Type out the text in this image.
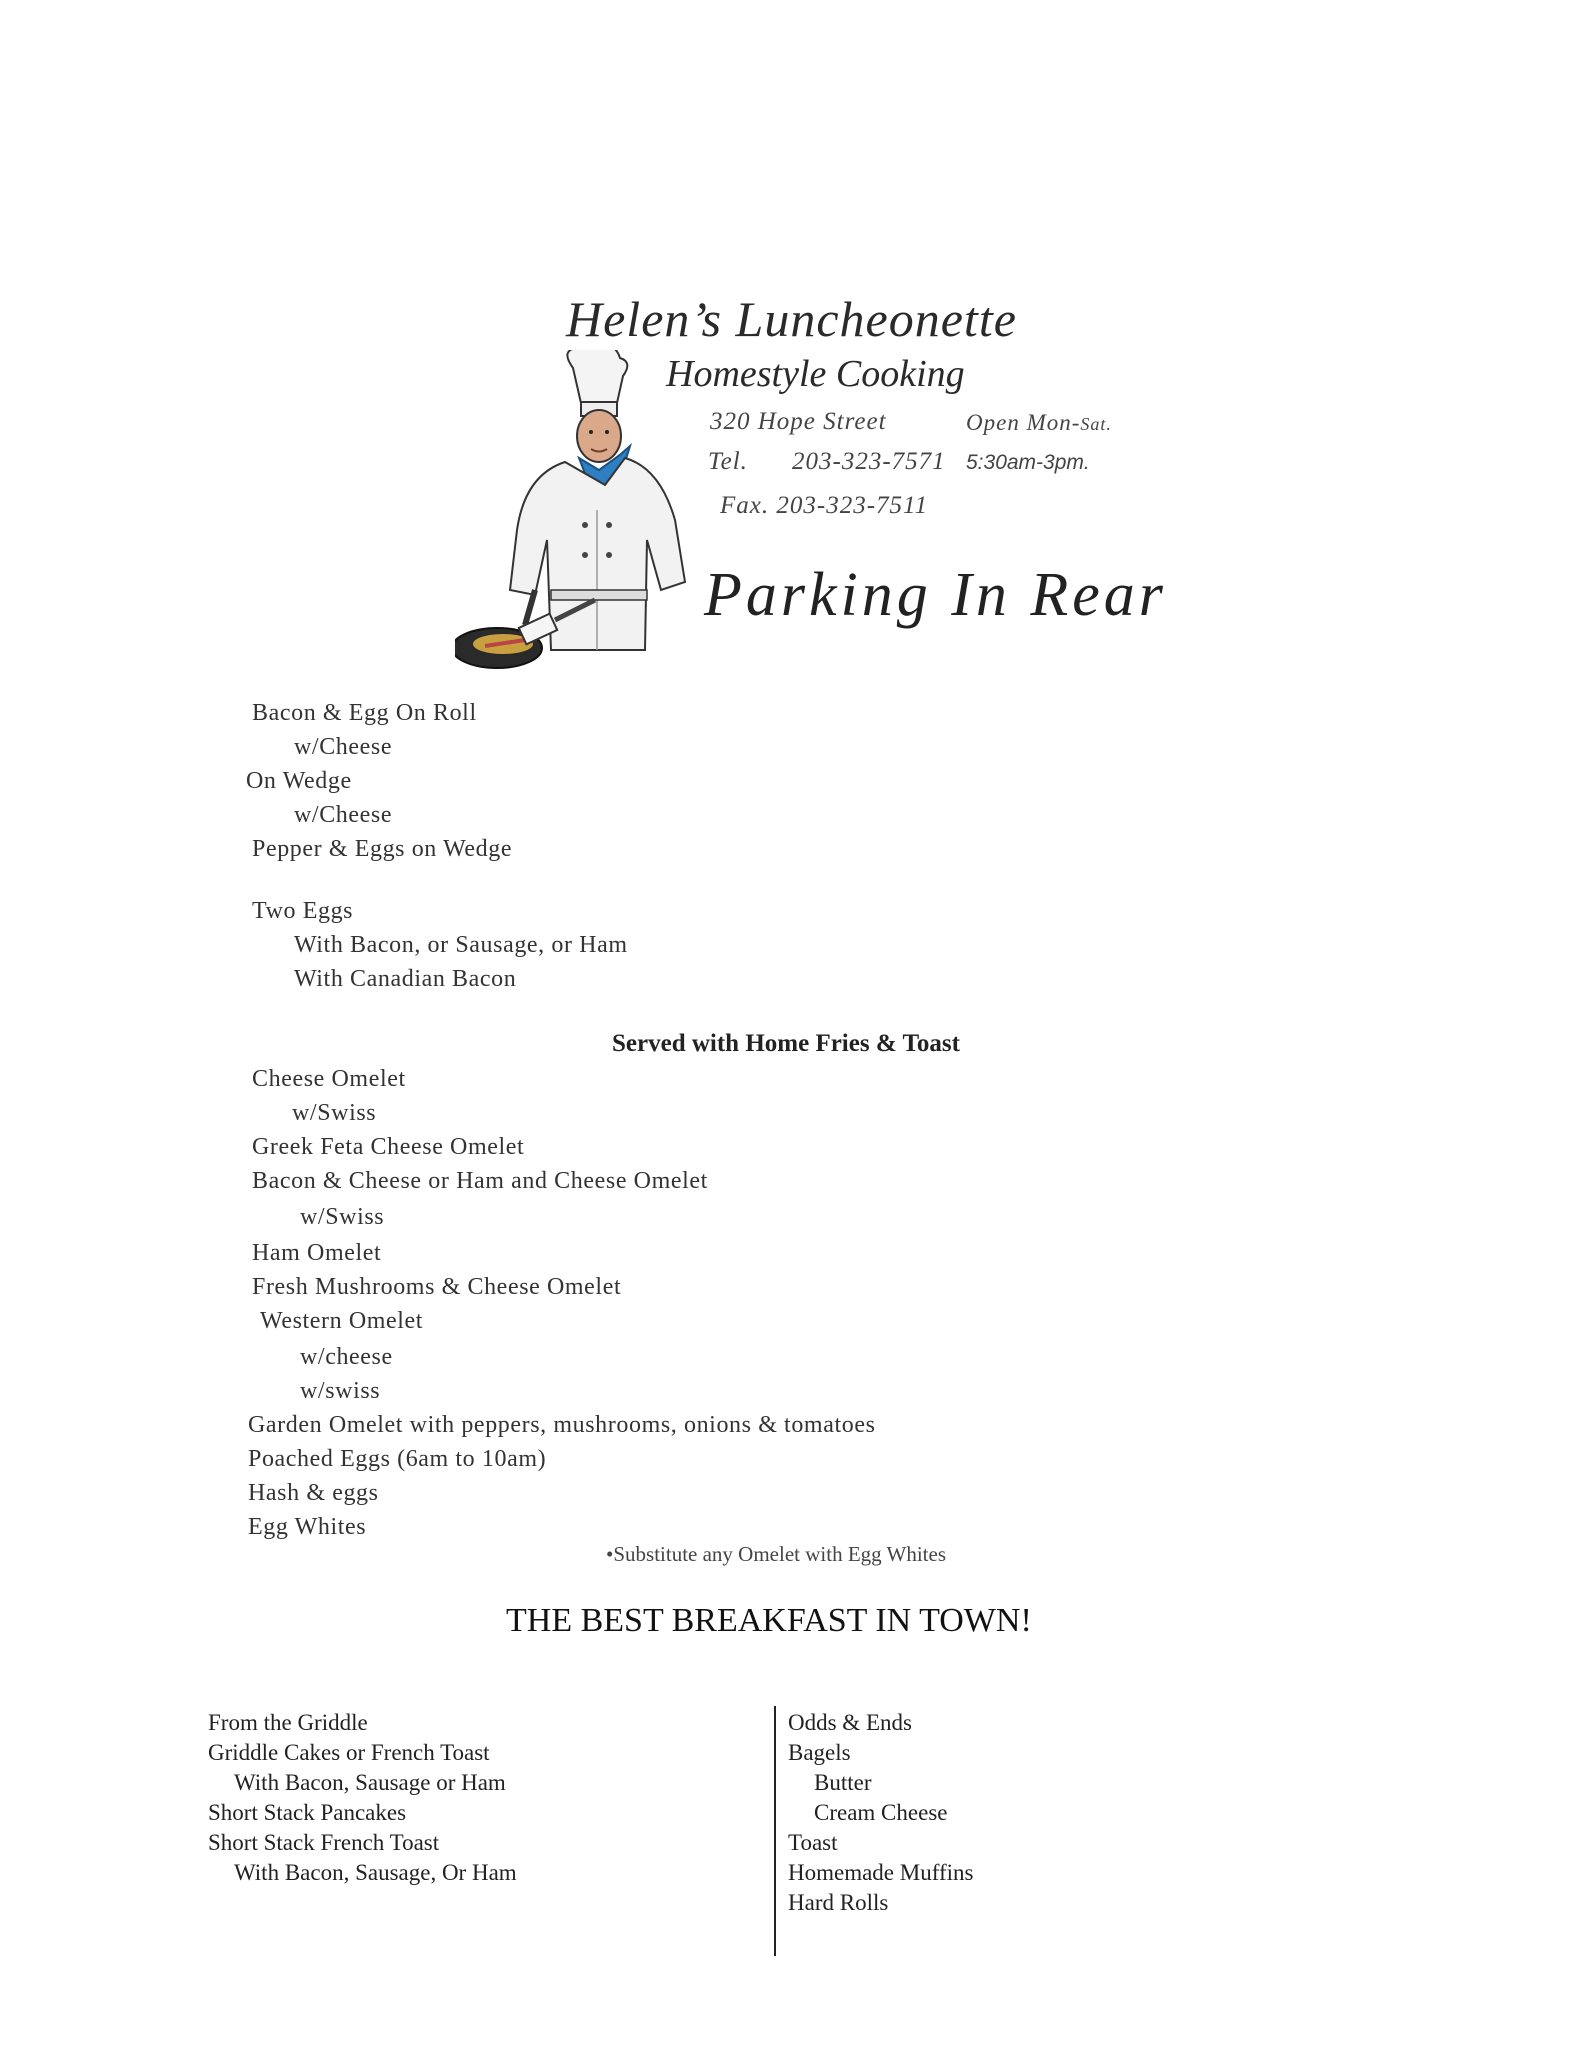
Helen’s Luncheonette
Homestyle Cooking
320 Hope Street	Open Mon-Sat.
Tel. 203-323-7571 5:30am-3pm.
Fax. 203-323-7511
Parking In Rear
Bacon & Egg On Roll
w/Cheese
On Wedge
w/Cheese
Pepper & Eggs on Wedge
Two Eggs
With Bacon, or Sausage, or Ham
With Canadian Bacon
Served with Home Fries & Toast
Cheese Omelet
w/Swiss
Greek Feta Cheese Omelet
Bacon & Cheese or Ham and Cheese Omelet
w/Swiss
Ham Omelet
Fresh Mushrooms & Cheese Omelet
Western Omelet
w/cheese
w/swiss
Garden Omelet with peppers, mushrooms, onions & tomatoes
Poached Eggs (6am to 10am)
Hash & eggs
Egg Whites
•Substitute any Omelet with Egg Whites
THE BEST BREAKFAST IN TOWN!
From the Griddle
Griddle Cakes or French Toast
With Bacon, Sausage or Ham
Short Stack Pancakes
Short Stack French Toast
With Bacon, Sausage, Or Ham
Odds & Ends
Bagels
Butter
Cream Cheese
Toast
Homemade Muffins
Hard Rolls
